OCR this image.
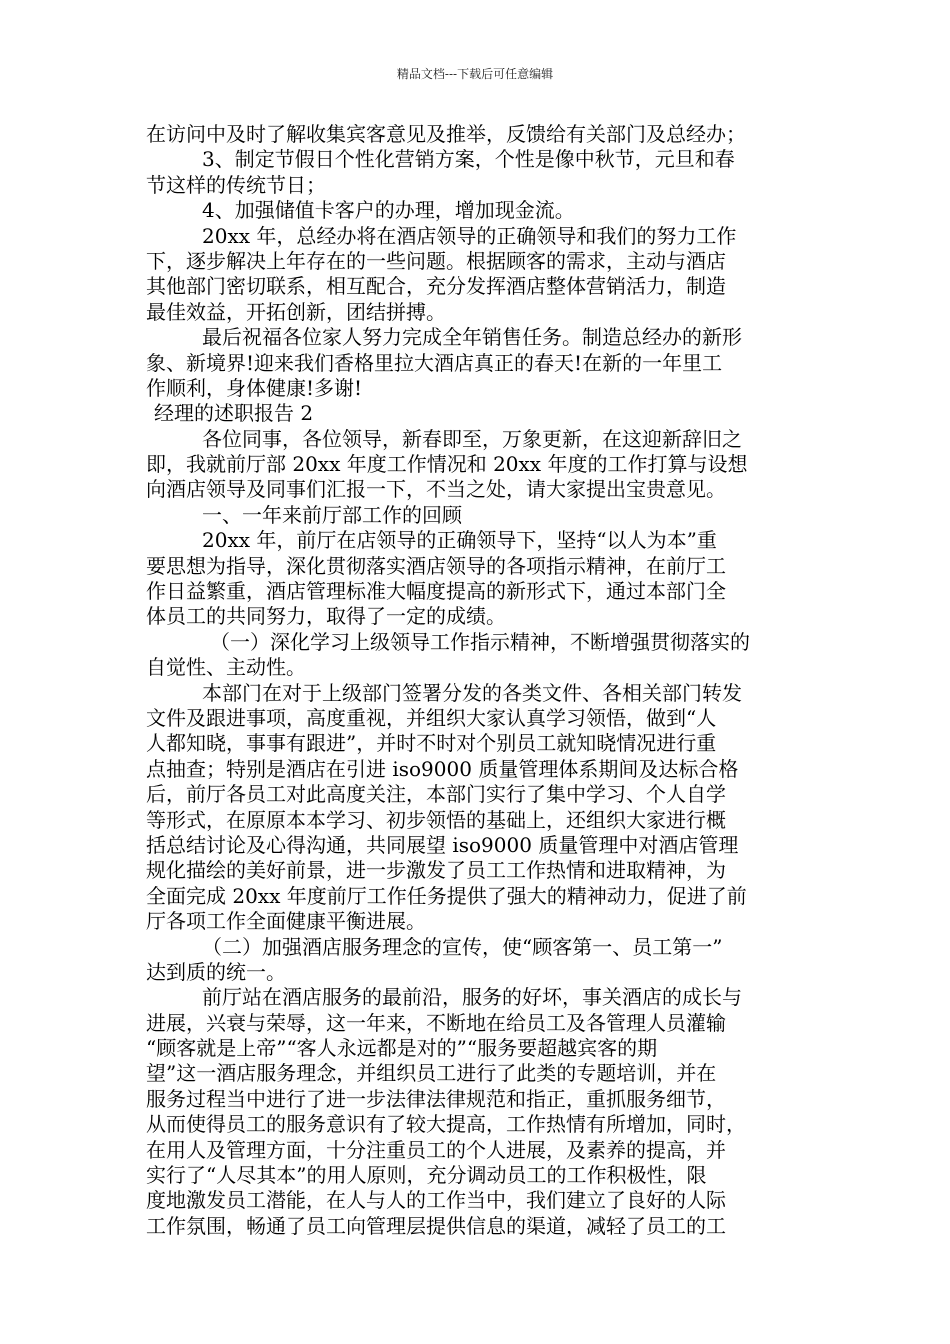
精品文档---下载后可任意编辑
在访问中及时了解收集宾客意见及推举，反馈给有关部门及总经办；
3、制定节假日个性化营销方案，个性是像中秋节，元旦和春
节这样的传统节日；
4、加强储值卡客户的办理，增加现金流。
20xx 年，总经办将在酒店领导的正确领导和我们的努力工作
下，逐步解决上年存在的一些问题。根据顾客的需求，主动与酒店
其他部门密切联系，相互配合，充分发挥酒店整体营销活力，制造
最佳效益，开拓创新，团结拼搏。
最后祝福各位家人努力完成全年销售任务。制造总经办的新形
象、新境界!迎来我们香格里拉大酒店真正的春天!在新的一年里工
作顺利，身体健康!多谢!
经理的述职报告 2
各位同事，各位领导，新春即至，万象更新，在这迎新辞旧之
即，我就前厅部 20xx 年度工作情况和 20xx 年度的工作打算与设想
向酒店领导及同事们汇报一下，不当之处，请大家提出宝贵意见。
一、一年来前厅部工作的回顾
20xx 年，前厅在店领导的正确领导下，坚持“以人为本”重
要思想为指导，深化贯彻落实酒店领导的各项指示精神，在前厅工
作日益繁重，酒店管理标准大幅度提高的新形式下，通过本部门全
体员工的共同努力，取得了一定的成绩。
（一）深化学习上级领导工作指示精神，不断增强贯彻落实的
自觉性、主动性。
本部门在对于上级部门签署分发的各类文件、各相关部门转发
文件及跟进事项，高度重视，并组织大家认真学习领悟，做到“人
人都知晓，事事有跟进”，并时不时对个别员工就知晓情况进行重
点抽查；特别是酒店在引进 iso9000 质量管理体系期间及达标合格
后，前厅各员工对此高度关注，本部门实行了集中学习、个人自学
等形式，在原原本本学习、初步领悟的基础上，还组织大家进行概
括总结讨论及心得沟通，共同展望 iso9000 质量管理中对酒店管理
规化描绘的美好前景，进一步激发了员工工作热情和进取精神，为
全面完成 20xx 年度前厅工作任务提供了强大的精神动力，促进了前
厅各项工作全面健康平衡进展。
（二）加强酒店服务理念的宣传，使“顾客第一、员工第一”
达到质的统一。
前厅站在酒店服务的最前沿，服务的好坏，事关酒店的成长与
进展，兴衰与荣辱，这一年来，不断地在给员工及各管理人员灌输
“顾客就是上帝”“客人永远都是对的”“服务要超越宾客的期
望”这一酒店服务理念，并组织员工进行了此类的专题培训，并在
服务过程当中进行了进一步法律法律规范和指正，重抓服务细节，
从而使得员工的服务意识有了较大提高，工作热情有所增加，同时，
在用人及管理方面，十分注重员工的个人进展，及素养的提高，并
实行了“人尽其本”的用人原则，充分调动员工的工作积极性，限
度地激发员工潜能，在人与人的工作当中，我们建立了良好的人际
工作氛围，畅通了员工向管理层提供信息的渠道，减轻了员工的工
